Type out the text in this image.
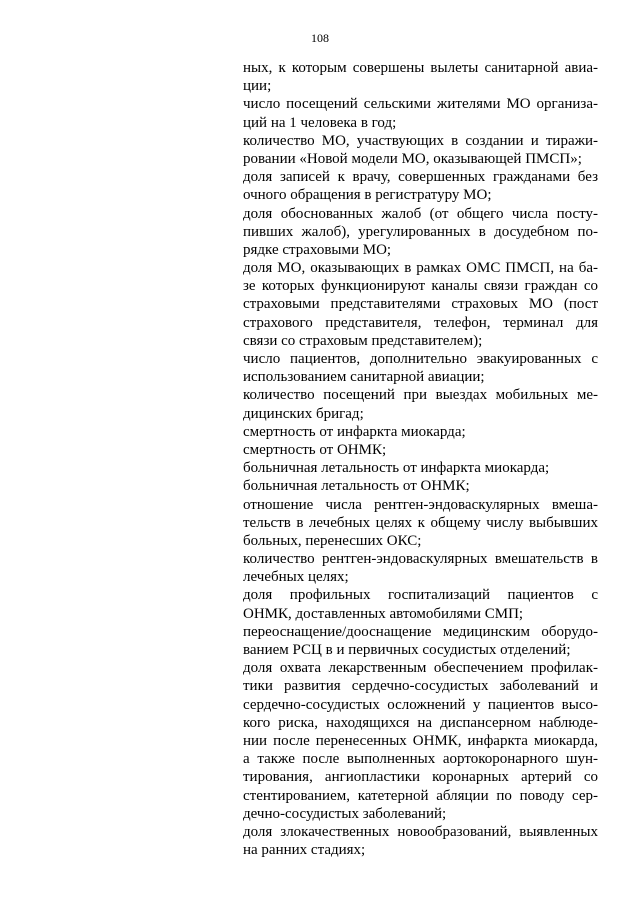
108
ных, к которым совершены вылеты санитарной авиа-
ции;
число посещений сельскими жителями МО организа-
ций на 1 человека в год;
количество МО, участвующих в создании и тиражи-
ровании «Новой модели МО, оказывающей ПМСП»;
доля записей к врачу, совершенных гражданами без
очного обращения в регистратуру МО;
доля обоснованных жалоб (от общего числа посту-
пивших жалоб), урегулированных в досудебном по-
рядке страховыми МО;
доля МО, оказывающих в рамках ОМС ПМСП, на ба-
зе которых функционируют каналы связи граждан со
страховыми представителями страховых МО (пост
страхового представителя, телефон, терминал для
связи со страховым представителем);
число пациентов, дополнительно эвакуированных с
использованием санитарной авиации;
количество посещений при выездах мобильных ме-
дицинских бригад;
смертность от инфаркта миокарда;
смертность от ОНМК;
больничная летальность от инфаркта миокарда;
больничная летальность от ОНМК;
отношение числа рентген-эндоваскулярных вмеша-
тельств в лечебных целях к общему числу выбывших
больных, перенесших ОКС;
количество рентген-эндоваскулярных вмешательств в
лечебных целях;
доля профильных госпитализаций пациентов с
ОНМК, доставленных автомобилями СМП;
переоснащение/дооснащение медицинским оборудо-
ванием РСЦ в и первичных сосудистых отделений;
доля охвата лекарственным обеспечением профилак-
тики развития сердечно-сосудистых заболеваний и
сердечно-сосудистых осложнений у пациентов высо-
кого риска, находящихся на диспансерном наблюде-
нии после перенесенных ОНМК, инфаркта миокарда,
а также после выполненных аортокоронарного шун-
тирования, ангиопластики коронарных артерий со
стентированием, катетерной абляции по поводу сер-
дечно-сосудистых заболеваний;
доля злокачественных новообразований, выявленных
на ранних стадиях;
